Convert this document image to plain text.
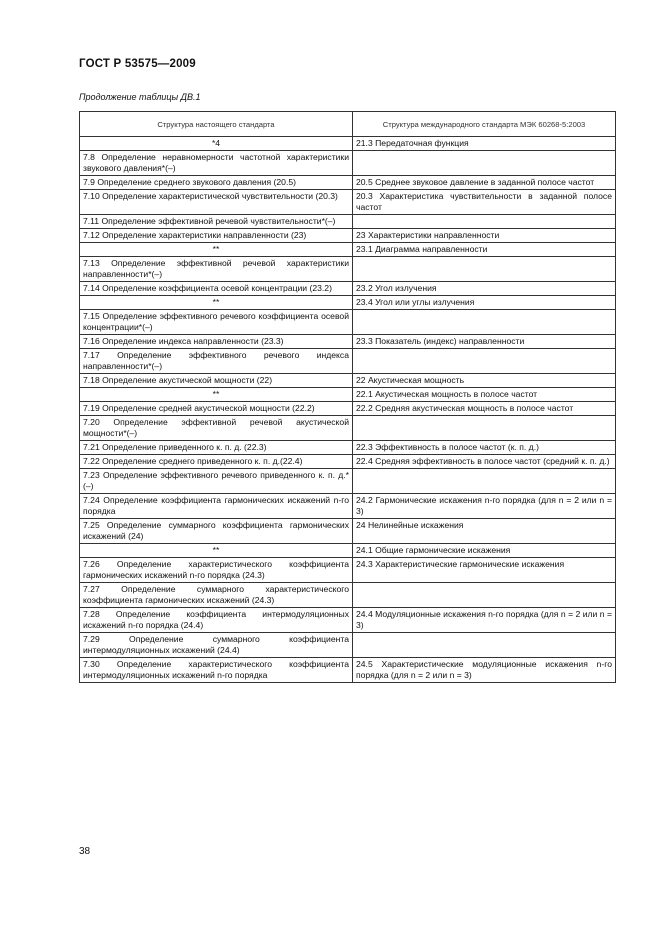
ГОСТ Р 53575—2009
Продолжение таблицы ДВ.1
Структура настоящего стандарта	Структура международного стандарта МЭК 60268-5:2003
*4	21.3 Передаточная функция
7.8 Определение неравномерности частотной характеристики звукового давления*(–)	
7.9 Определение среднего звукового давления (20.5)	20.5 Среднее звуковое давление в заданной полосе частот
7.10 Определение характеристической чувствительности (20.3)	20.3 Характеристика чувствительности в заданной полосе частот
7.11 Определение эффективной речевой чувствительности*(–)	
7.12 Определение характеристики направленности (23)	23 Характеристики направленности
**	23.1 Диаграмма направленности
7.13 Определение эффективной речевой характеристики направленности*(–)	
7.14 Определение коэффициента осевой концентрации (23.2)	23.2 Угол излучения
**	23.4 Угол или углы излучения
7.15 Определение эффективного речевого коэффициента осевой концентрации*(–)	
7.16 Определение индекса направленности (23.3)	23.3 Показатель (индекс) направленности
7.17 Определение эффективного речевого индекса направленности*(–)	
7.18 Определение акустической мощности (22)	22 Акустическая мощность
**	22.1 Акустическая мощность в полосе частот
7.19 Определение средней акустической мощности (22.2)	22.2 Средняя акустическая мощность в полосе частот
7.20 Определение эффективной речевой акустической мощности*(–)	
7.21 Определение приведенного к. п. д. (22.3)	22.3 Эффективность в полосе частот (к. п. д.)
7.22 Определение среднего приведенного к. п. д.(22.4)	22.4 Средняя эффективность в полосе частот (средний к. п. д.)
7.23 Определение эффективного речевого приведенного к. п. д.*(–)	
7.24 Определение коэффициента гармонических искажений n-го порядка	24.2 Гармонические искажения n-го порядка (для n = 2 или n = 3)
7.25 Определение суммарного коэффициента гармонических искажений (24)	24 Нелинейные искажения
**	24.1 Общие гармонические искажения
7.26 Определение характеристического коэффициента гармонических искажений n-го порядка (24.3)	24.3 Характеристические гармонические искажения
7.27 Определение суммарного характеристического коэффициента гармонических искажений (24.3)	
7.28 Определение коэффициента интермодуляционных искажений n-го порядка (24.4)	24.4 Модуляционные искажения n-го порядка (для n = 2 или n = 3)
7.29 Определение суммарного коэффициента интермодуляционных искажений (24.4)	
7.30 Определение характеристического коэффициента интермодуляционных искажений n-го порядка	24.5 Характеристические модуляционные искажения n-го порядка (для n = 2 или n = 3)
38
